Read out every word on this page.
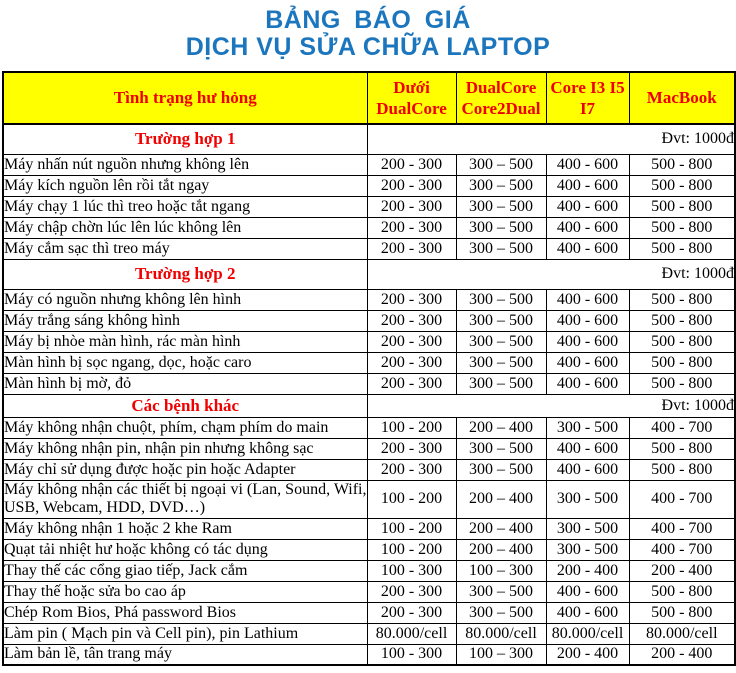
BẢNG BÁO GIÁ
DỊCH VỤ SỬA CHỮA LAPTOP
Tình trạng hư hỏng	Dưới DualCore	DualCore Core2Dual	Core I3 I5 I7	MacBook
Trường hợp 1	Đvt: 1000đ			
Máy nhấn nút nguồn nhưng không lên	200 - 300	300 – 500	400 - 600	500 - 800
Máy kích nguồn lên rồi tắt ngay	200 - 300	300 – 500	400 - 600	500 - 800
Máy chạy 1 lúc thì treo hoặc tắt ngang	200 - 300	300 – 500	400 - 600	500 - 800
Máy chập chờn lúc lên lúc không lên	200 - 300	300 – 500	400 - 600	500 - 800
Máy cắm sạc thì treo máy	200 - 300	300 – 500	400 - 600	500 - 800
Trường hợp 2	Đvt: 1000đ			
Máy có nguồn nhưng không lên hình	200 - 300	300 – 500	400 - 600	500 - 800
Máy trắng sáng không hình	200 - 300	300 – 500	400 - 600	500 - 800
Máy bị nhòe màn hình, rác màn hình	200 - 300	300 – 500	400 - 600	500 - 800
Màn hình bị sọc ngang, dọc, hoặc caro	200 - 300	300 – 500	400 - 600	500 - 800
Màn hình bị mờ, đỏ	200 - 300	300 – 500	400 - 600	500 - 800
Các bệnh khác	Đvt: 1000đ			
Máy không nhận chuột, phím, chạm phím do main	100 - 200	200 – 400	300 - 500	400 - 700
Máy không nhận pin, nhận pin nhưng không sạc	200 - 300	300 – 500	400 - 600	500 - 800
Máy chỉ sử dụng được hoặc pin hoặc Adapter	200 - 300	300 – 500	400 - 600	500 - 800
Máy không nhận các thiết bị ngoại vi (Lan, Sound, Wifi, USB, Webcam, HDD, DVD…)	100 - 200	200 – 400	300 - 500	400 - 700
Máy không nhận 1 hoặc 2 khe Ram	100 - 200	200 – 400	300 - 500	400 - 700
Quạt tải nhiệt hư hoặc không có tác dụng	100 - 200	200 – 400	300 - 500	400 - 700
Thay thế các cổng giao tiếp, Jack cắm	100 - 300	100 – 300	200 - 400	200 - 400
Thay thế hoặc sửa bo cao áp	200 - 300	300 – 500	400 - 600	500 - 800
Chép Rom Bios, Phá password Bios	200 - 300	300 – 500	400 - 600	500 - 800
Làm pin ( Mạch pin và Cell pin), pin Lathium	80.000/cell	80.000/cell	80.000/cell	80.000/cell
Làm bản lề, tân trang máy	100 - 300	100 – 300	200 - 400	200 - 400
